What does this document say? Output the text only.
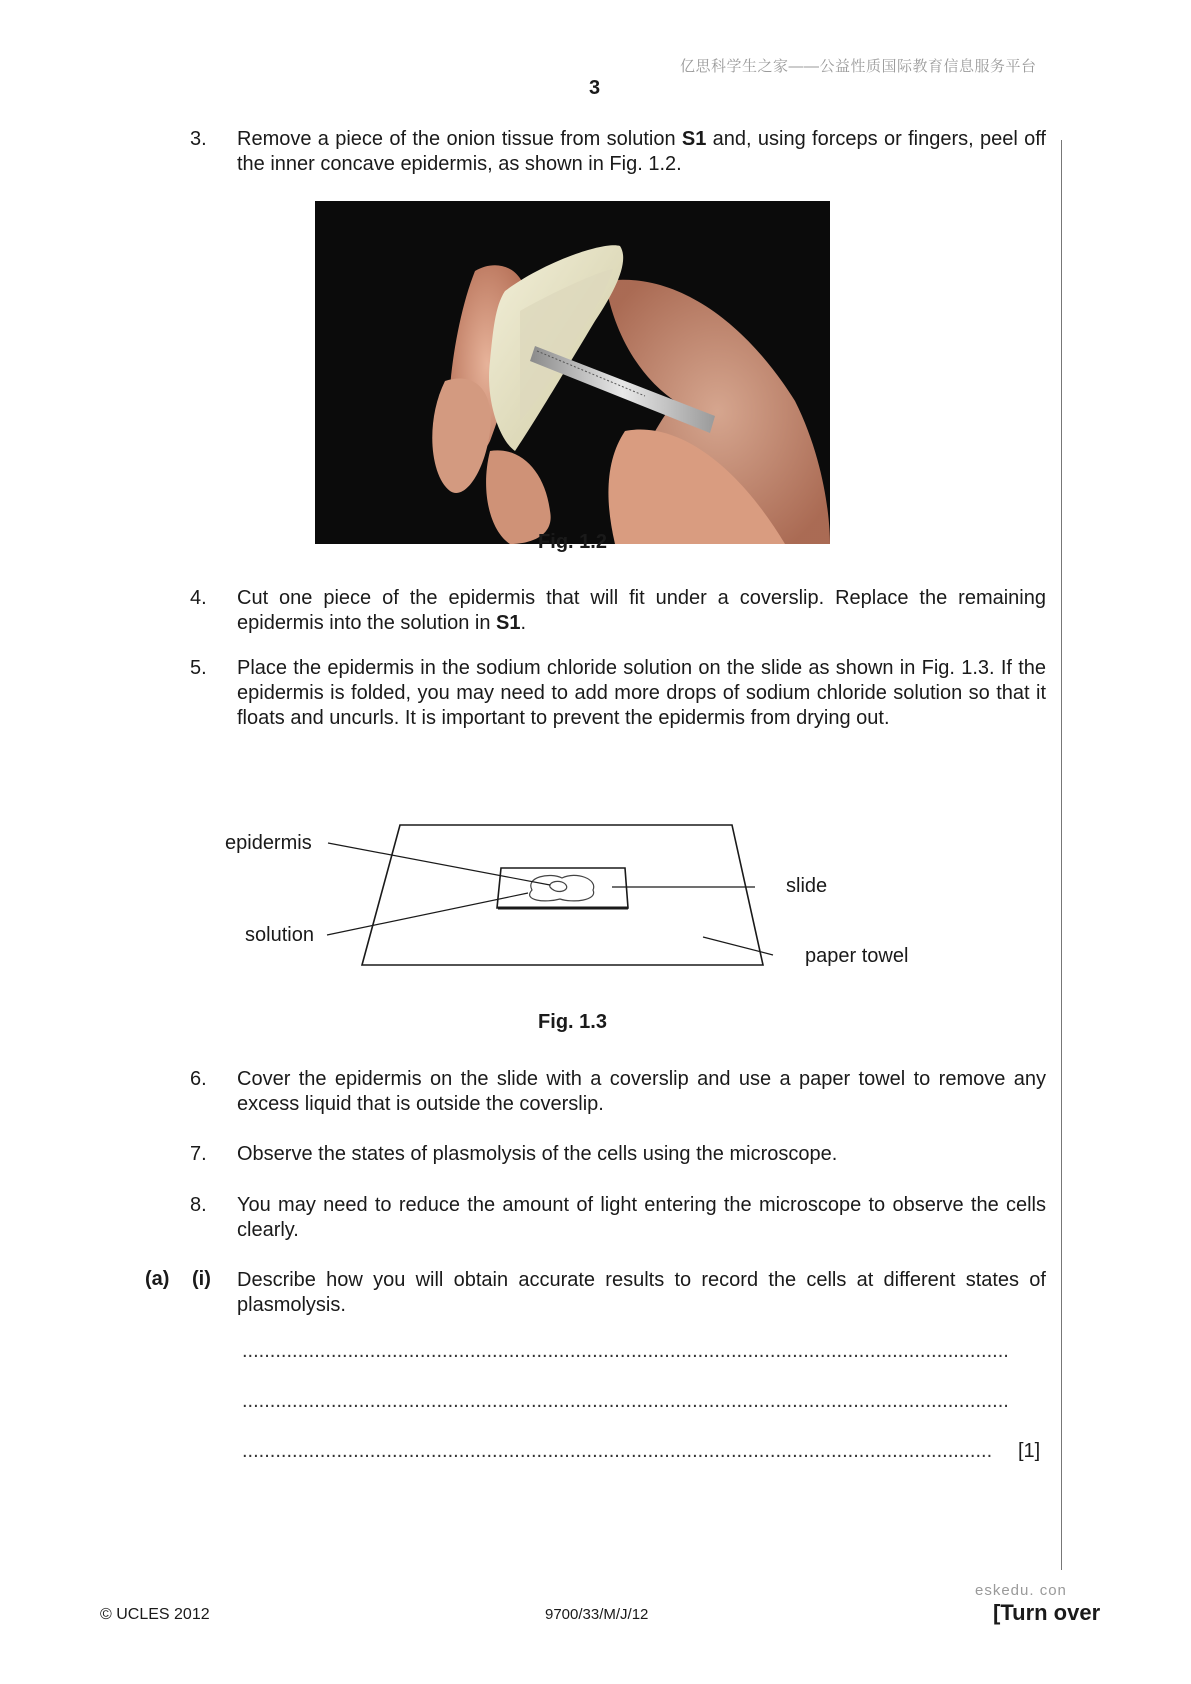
亿思科学生之家——公益性质国际教育信息服务平台
3
3.	Remove a piece of the onion tissue from solution S1 and, using forceps or fingers, peel off the inner concave epidermis, as shown in Fig. 1.2.
Fig. 1.2
4.	Cut one piece of the epidermis that will fit under a coverslip. Replace the remaining epidermis into the solution in S1.
5.	Place the epidermis in the sodium chloride solution on the slide as shown in Fig. 1.3. If the epidermis is folded, you may need to add more drops of sodium chloride solution so that it floats and uncurls. It is important to prevent the epidermis from drying out.
epidermis
solution
slide
paper towel
Fig. 1.3
6.	Cover the epidermis on the slide with a coverslip and use a paper towel to remove any excess liquid that is outside the coverslip.
7.	Observe the states of plasmolysis of the cells using the microscope.
8.	You may need to reduce the amount of light entering the microscope to observe the cells clearly.
(a) (i) Describe how you will obtain accurate results to record the cells at different states of plasmolysis.
..........................................................................................................................................
..........................................................................................................................................
.......................................................................................................................................	[1]
eskedu. con
© UCLES 2012	9700/33/M/J/12	[Turn over
